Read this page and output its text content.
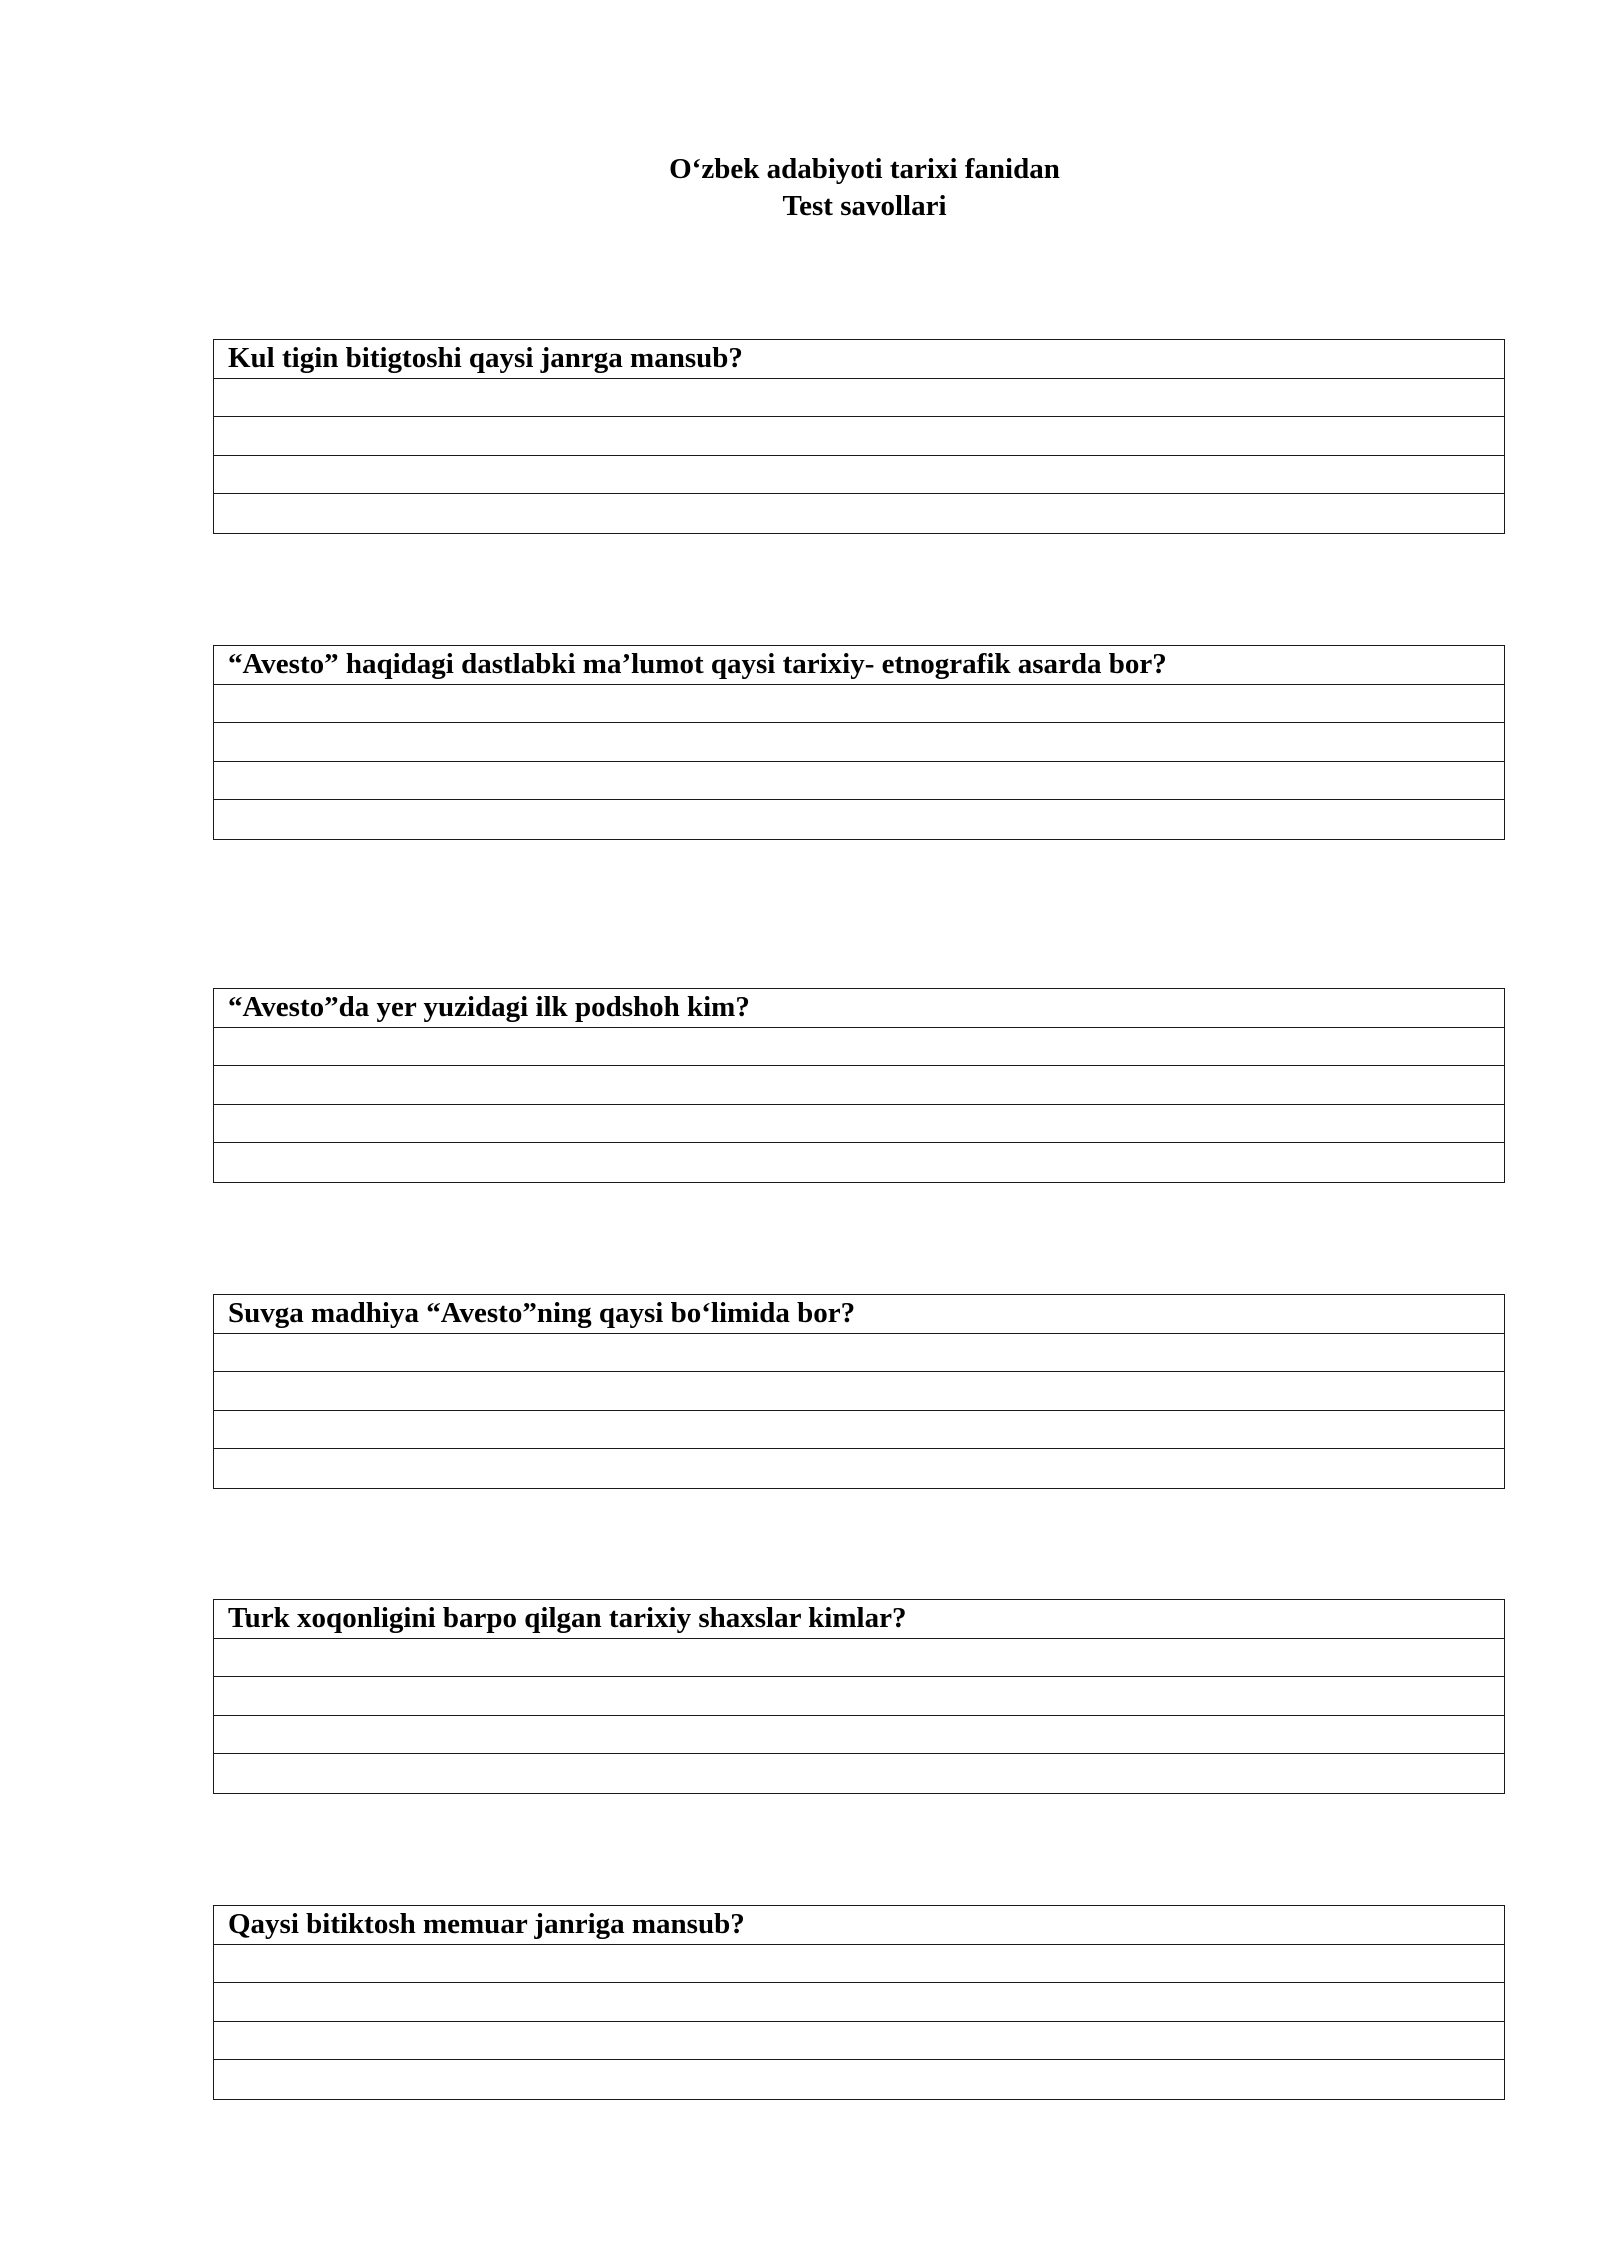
O‘zbek adabiyoti tarixi fanidan
Test savollari
Kul tigin bitigtoshi qaysi janrga mansub?
“Avesto” haqidagi dastlabki ma’lumot qaysi tarixiy- etnografik asarda bor?
“Avesto”da yer yuzidagi ilk podshoh kim?
Suvga madhiya “Avesto”ning qaysi bo‘limida bor?
Turk xoqonligini barpo qilgan tarixiy shaxslar kimlar?
Qaysi bitiktosh memuar janriga mansub?
